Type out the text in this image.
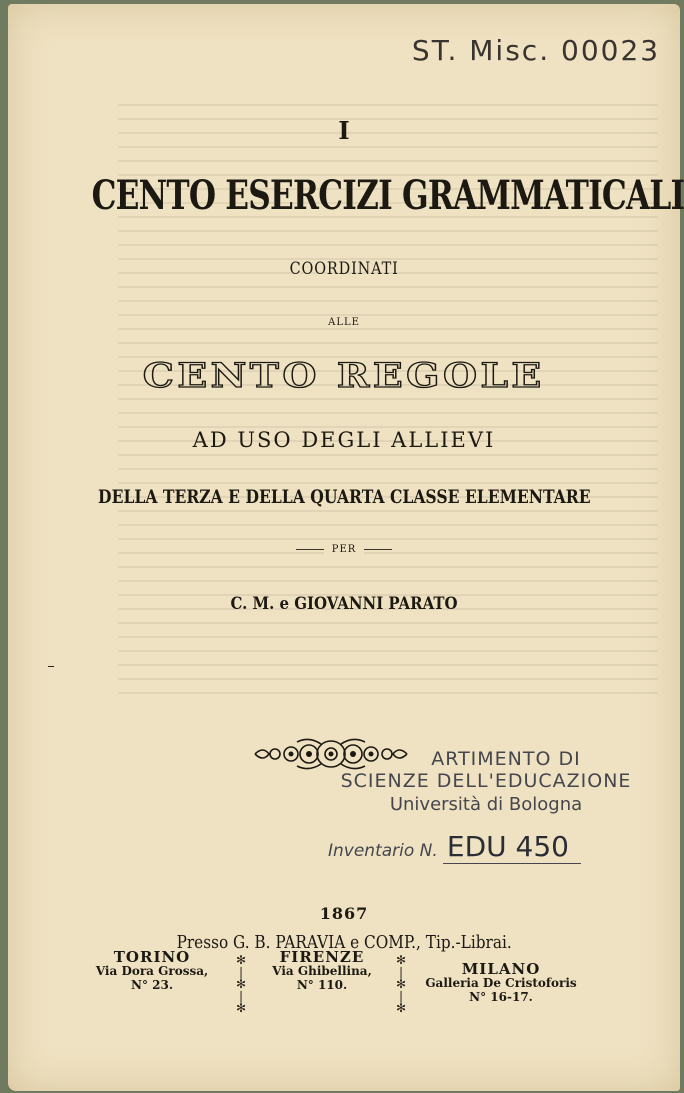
ST. Misc. 00023
I
CENTO ESERCIZI GRAMMATICALI
COORDINATI
ALLE
CENTO REGOLE
AD USO DEGLI ALLIEVI
DELLA TERZA E DELLA QUARTA CLASSE ELEMENTARE
PER
C. M. e GIOVANNI PARATO
ARTIMENTO DI
SCIENZE DELL'EDUCAZIONE
Università di Bologna
Inventario N. EDU 450
1867
Presso G. B. PARAVIA e COMP., Tip.-Librai.
TORINO
Via Dora Grossa,
N° 23.
✻
❘
✻
❘
✻
FIRENZE
Via Ghibellina,
N° 110.
✻
❘
✻
❘
✻
MILANO
Galleria De Cristoforis
N° 16-17.
